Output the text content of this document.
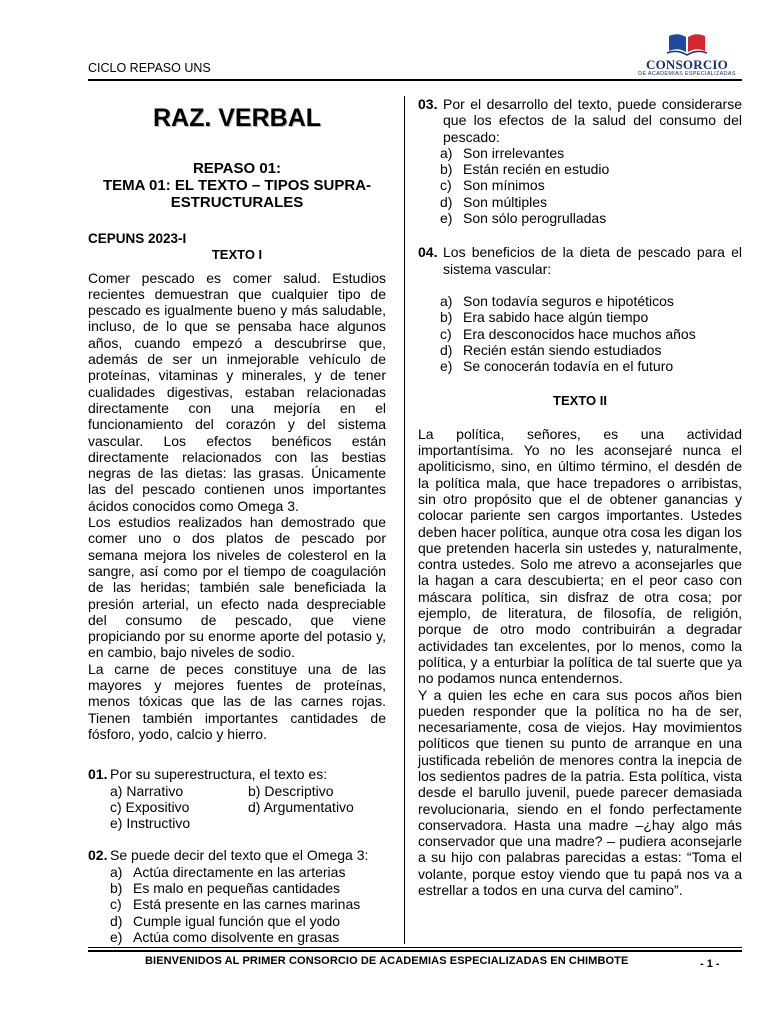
CICLO REPASO UNS	CONSORCIO
DE ACADEMIAS ESPECIALIZADAS
RAZ. VERBAL
REPASO 01:
TEMA 01: EL TEXTO – TIPOS SUPRA-ESTRUCTURALES
CEPUNS 2023-I
TEXTO I

Comer pescado es comer salud. Estudios recientes demuestran que cualquier tipo de pescado es igualmente bueno y más saludable, incluso, de lo que se pensaba hace algunos años, cuando empezó a descubrirse que, además de ser un inmejorable vehículo de proteínas, vitaminas y minerales, y de tener cualidades digestivas, estaban relacionadas directamente con una mejoría en el funcionamiento del corazón y del sistema vascular. Los efectos benéficos están directamente relacionados con las bestias negras de las dietas: las grasas. Únicamente las del pescado contienen unos importantes ácidos conocidos como Omega 3.

Los estudios realizados han demostrado que comer uno o dos platos de pescado por semana mejora los niveles de colesterol en la sangre, así como por el tiempo de coagulación de las heridas; también sale beneficiada la presión arterial, un efecto nada despreciable del consumo de pescado, que viene propiciando por su enorme aporte del potasio y, en cambio, bajo niveles de sodio.

La carne de peces constituye una de las mayores y mejores fuentes de proteínas, menos tóxicas que las de las carnes rojas. Tienen también importantes cantidades de fósforo, yodo, calcio y hierro.

01. Por su superestructura, el texto es:
a) Narrativo	b) Descriptivo
c) Expositivo	d) Argumentativo
e) Instructivo
02. Se puede decir del texto que el Omega 3:
a) Actúa directamente en las arterias
b) Es malo en pequeñas cantidades
c) Está presente en las carnes marinas
d) Cumple igual función que el yodo
e) Actúa como disolvente en grasas
03. Por el desarrollo del texto, puede considerarse que los efectos de la salud del consumo del pescado:
a) Son irrelevantes
b) Están recién en estudio
c) Son mínimos
d) Son múltiples
e) Son sólo perogrulladas
04. Los beneficios de la dieta de pescado para el sistema vascular:
a) Son todavía seguros e hipotéticos
b) Era sabido hace algún tiempo
c) Era desconocidos hace muchos años
d) Recién están siendo estudiados
e) Se conocerán todavía en el futuro
TEXTO II

La política, señores, es una actividad importantísima. Yo no les aconsejaré nunca el apoliticismo, sino, en último término, el desdén de la política mala, que hace trepadores o arribistas, sin otro propósito que el de obtener ganancias y colocar pariente sen cargos importantes. Ustedes deben hacer política, aunque otra cosa les digan los que pretenden hacerla sin ustedes y, naturalmente, contra ustedes. Solo me atrevo a aconsejarles que la hagan a cara descubierta; en el peor caso con máscara política, sin disfraz de otra cosa; por ejemplo, de literatura, de filosofía, de religión, porque de otro modo contribuirán a degradar actividades tan excelentes, por lo menos, como la política, y a enturbiar la política de tal suerte que ya no podamos nunca entendernos.

Y a quien les eche en cara sus pocos años bien pueden responder que la política no ha de ser, necesariamente, cosa de viejos. Hay movimientos políticos que tienen su punto de arranque en una justificada rebelión de menores contra la inepcia de los sedientos padres de la patria. Esta política, vista desde el barullo juvenil, puede parecer demasiada revolucionaria, siendo en el fondo perfectamente conservadora. Hasta una madre –¿hay algo más conservador que una madre? – pudiera aconsejarle a su hijo con palabras parecidas a estas: “Toma el volante, porque estoy viendo que tu papá nos va a estrellar a todos en una curva del camino”.

BIENVENIDOS AL PRIMER CONSORCIO DE ACADEMIAS ESPECIALIZADAS EN CHIMBOTE	- 1 -
